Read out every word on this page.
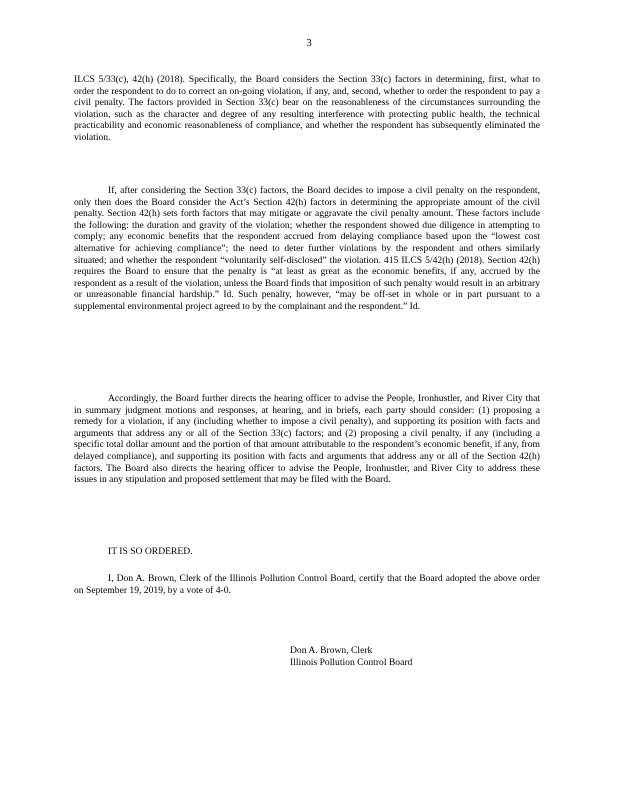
3

ILCS 5/33(c), 42(h) (2018). Specifically, the Board considers the Section 33(c) factors in determining, first, what to order the respondent to do to correct an on-going violation, if any, and, second, whether to order the respondent to pay a civil penalty. The factors provided in Section 33(c) bear on the reasonableness of the circumstances surrounding the violation, such as the character and degree of any resulting interference with protecting public health, the technical practicability and economic reasonableness of compliance, and whether the respondent has subsequently eliminated the violation.

If, after considering the Section 33(c) factors, the Board decides to impose a civil penalty on the respondent, only then does the Board consider the Act’s Section 42(h) factors in determining the appropriate amount of the civil penalty. Section 42(h) sets forth factors that may mitigate or aggravate the civil penalty amount. These factors include the following: the duration and gravity of the violation; whether the respondent showed due diligence in attempting to comply; any economic benefits that the respondent accrued from delaying compliance based upon the “lowest cost alternative for achieving compliance”; the need to deter further violations by the respondent and others similarly situated; and whether the respondent “voluntarily self-disclosed” the violation. 415 ILCS 5/42(h) (2018). Section 42(h) requires the Board to ensure that the penalty is “at least as great as the economic benefits, if any, accrued by the respondent as a result of the violation, unless the Board finds that imposition of such penalty would result in an arbitrary or unreasonable financial hardship.” Id. Such penalty, however, “may be off-set in whole or in part pursuant to a supplemental environmental project agreed to by the complainant and the respondent.” Id.

Accordingly, the Board further directs the hearing officer to advise the People, Ironhustler, and River City that in summary judgment motions and responses, at hearing, and in briefs, each party should consider: (1) proposing a remedy for a violation, if any (including whether to impose a civil penalty), and supporting its position with facts and arguments that address any or all of the Section 33(c) factors; and (2) proposing a civil penalty, if any (including a specific total dollar amount and the portion of that amount attributable to the respondent’s economic benefit, if any, from delayed compliance), and supporting its position with facts and arguments that address any or all of the Section 42(h) factors. The Board also directs the hearing officer to advise the People, Ironhustler, and River City to address these issues in any stipulation and proposed settlement that may be filed with the Board.

IT IS SO ORDERED.

I, Don A. Brown, Clerk of the Illinois Pollution Control Board, certify that the Board adopted the above order on September 19, 2019, by a vote of 4-0.

Don A. Brown, Clerk
Illinois Pollution Control Board
